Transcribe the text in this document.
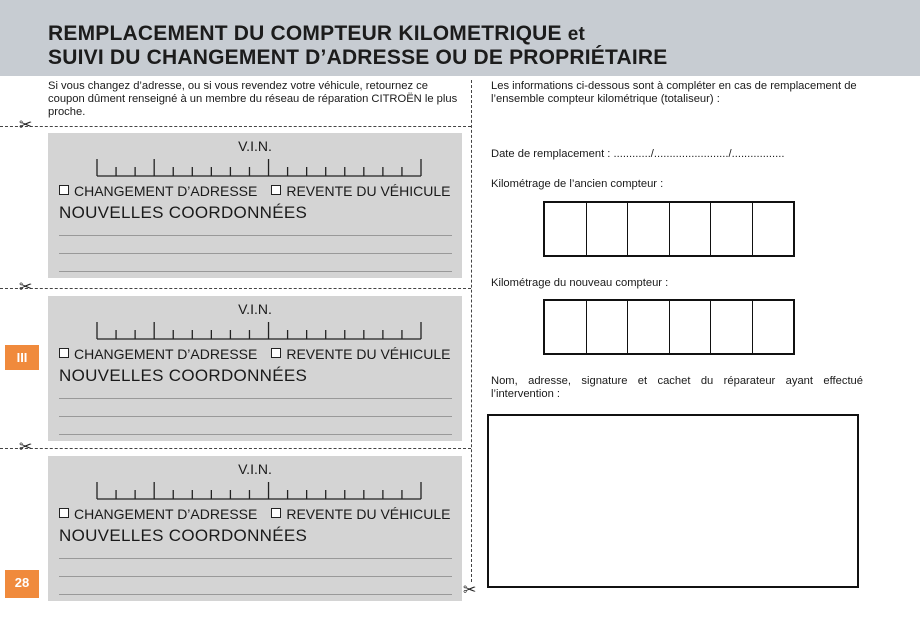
REMPLACEMENT DU COMPTEUR KILOMETRIQUE et
SUIVI DU CHANGEMENT D’ADRESSE OU DE PROPRIÉTAIRE

Si vous changez d’adresse, ou si vous revendez votre véhicule, retournez ce coupon dûment renseigné à un membre du réseau de réparation CITROËN le plus proche.

✂
✂
✂
✂
V.I.N.
CHANGEMENT D’ADRESSE REVENTE DU VÉHICULE
NOUVELLES COORDONNÉES
V.I.N.
CHANGEMENT D’ADRESSE REVENTE DU VÉHICULE
NOUVELLES COORDONNÉES
V.I.N.
CHANGEMENT D’ADRESSE REVENTE DU VÉHICULE
NOUVELLES COORDONNÉES
III
28

Les informations ci-dessous sont à compléter en cas de remplacement de l’ensemble compteur kilométrique (totaliseur) :

Date de remplacement : ............/......................../.................

Kilométrage de l’ancien compteur :

Kilométrage du nouveau compteur :

Nom, adresse, signature et cachet du réparateur ayant effectué l’intervention :
